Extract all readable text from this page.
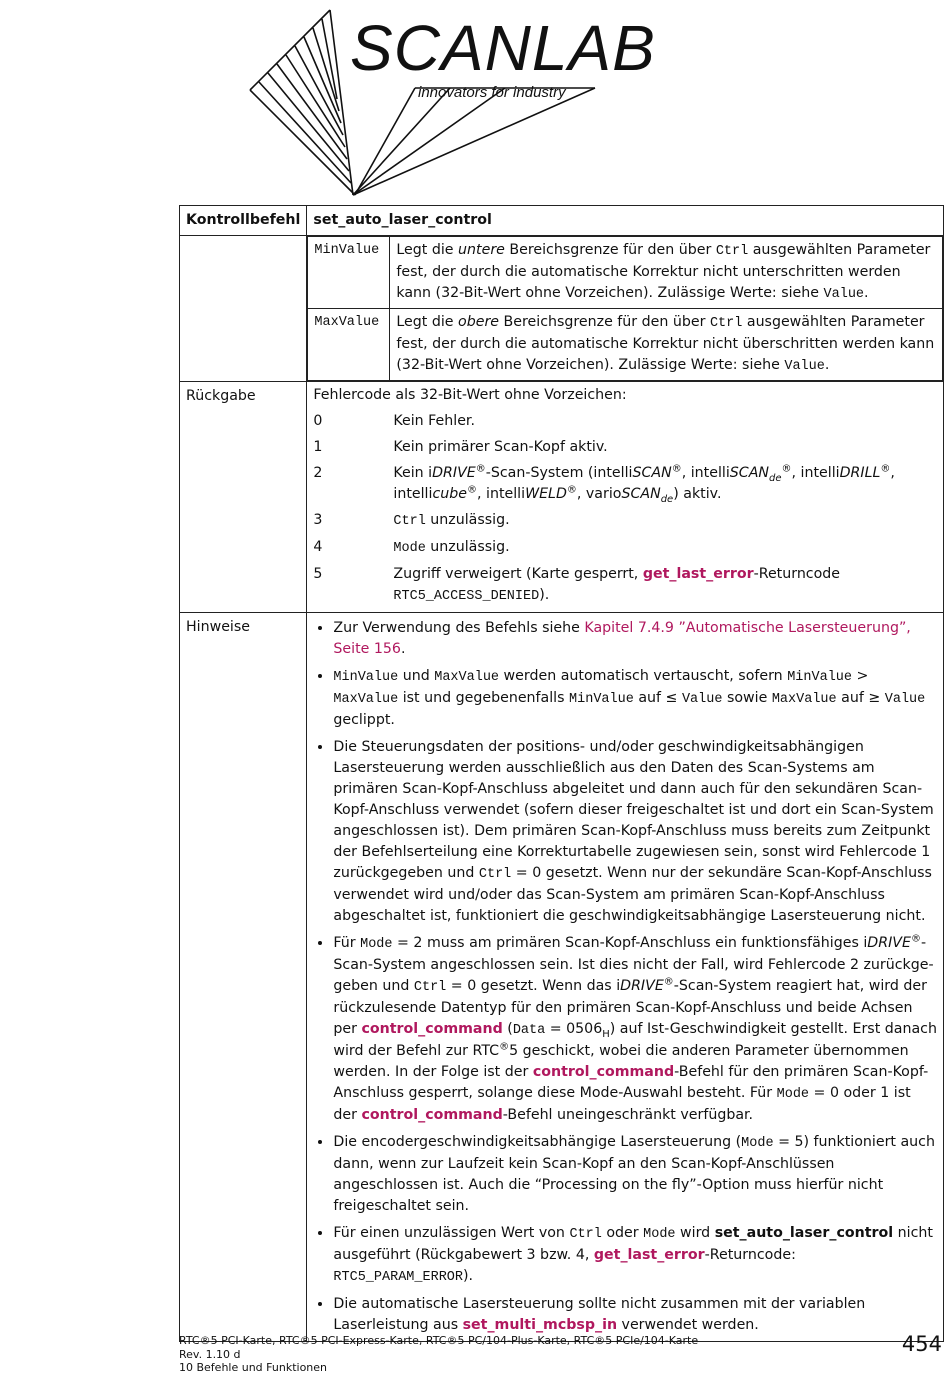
SCANLAB
innovators for industry
Kontrollbefehl	set_auto_laser_control

MinValue	Legt die untere Bereichsgrenze für den über Ctrl ausgewählten Parameter fest, der durch die automatische Korrektur nicht unterschritten werden kann (32-Bit-Wert ohne Vorzeichen). Zulässige Werte: siehe Value.
MaxValue	Legt die obere Bereichsgrenze für den über Ctrl ausgewählten Parameter fest, der durch die automatische Korrektur nicht überschritten werden kann (32-Bit-Wert ohne Vorzeichen). Zulässige Werte: siehe Value.

Rückgabe	Fehlercode als 32-Bit-Wert ohne Vorzeichen:
0	Kein Fehler.
1	Kein primärer Scan-Kopf aktiv.
2	Kein iDRIVE®-Scan-System (intelliSCAN®, intelliSCAN$_{de}$®, intelliDRILL®, intellicube®, intelliWELD®, varioSCAN$_{de}$) aktiv.
3	Ctrl unzulässig.
4	Mode unzulässig.
5	Zugriff verweigert (Karte gesperrt, get_last_error-Returncode RTC5_ACCESS_DENIED).

Hinweise	
•Zur Verwendung des Befehls siehe Kapitel 7.4.9 ”Automatische Lasersteuerung”, Seite 156.
• MinValue und MaxValue werden automatisch vertauscht, sofern MinValue > MaxValue ist und gegebenenfalls MinValue auf ≤ Value sowie MaxValue auf ≥ Value geclippt.
• Die Steuerungsdaten der positions- und/oder geschwindigkeitsabhängigen Lasersteuerung werden ausschließlich aus den Daten des Scan-Systems am primären Scan-Kopf-Anschluss abgeleitet und dann auch für den sekundären Scan-Kopf-Anschluss verwendet (sofern dieser freigeschaltet ist und dort ein Scan-System angeschlossen ist). Dem primären Scan-Kopf-Anschluss muss bereits zum Zeitpunkt der Befehlserteilung eine Korrekturtabelle zugewiesen sein, sonst wird Fehlercode 1 zurückgegeben und Ctrl = 0 gesetzt. Wenn nur der sekundäre Scan-Kopf-Anschluss verwendet wird und/oder das Scan-System am primären Scan-Kopf-Anschluss abgeschaltet ist, funktioniert die geschwindigkeitsabhängige Lasersteuerung nicht.
• Für Mode = 2 muss am primären Scan-Kopf-Anschluss ein funktionsfähiges iDRIVE®-Scan-System angeschlossen sein. Ist dies nicht der Fall, wird Fehlercode 2 zurückgegeben und Ctrl = 0 gesetzt. Wenn das iDRIVE®-Scan-System reagiert hat, wird der rückzulesende Datentyp für den primären Scan-Kopf-Anschluss und beide Achsen per control_command (Data = $0506_H$) auf Ist-Geschwindigkeit gestellt. Erst danach wird der Befehl zur RTC®5 geschickt, wobei die anderen Parameter übernommen werden. In der Folge ist der control_command-Befehl für den primären Scan-Kopf-Anschluss gesperrt, solange diese Mode-Auswahl besteht. Für Mode = 0 oder 1 ist der control_command-Befehl uneingeschränkt verfügbar.
• Die encodergeschwindigkeitsabhängige Lasersteuerung (Mode = 5) funktioniert auch dann, wenn zur Laufzeit kein Scan-Kopf an den Scan-Kopf-Anschlüssen angeschlossen ist. Auch die “Processing on the fly”-Option muss hierfür nicht freigeschaltet sein.
• Für einen unzulässigen Wert von Ctrl oder Mode wird set_auto_laser_control nicht ausgeführt (Rückgabewert 3 bzw. 4, get_last_error-Returncode: RTC5_PARAM_ERROR).
• Die automatische Lasersteuerung sollte nicht zusammen mit der variablen Laserleistung aus set_multi_mcbsp_in verwendet werden.
RTC®5 PCI-Karte, RTC®5 PCI-Express-Karte, RTC®5 PC/104-Plus-Karte, RTC®5 PCIe/104-Karte
Rev. 1.10 d
10 Befehle und Funktionen
454
